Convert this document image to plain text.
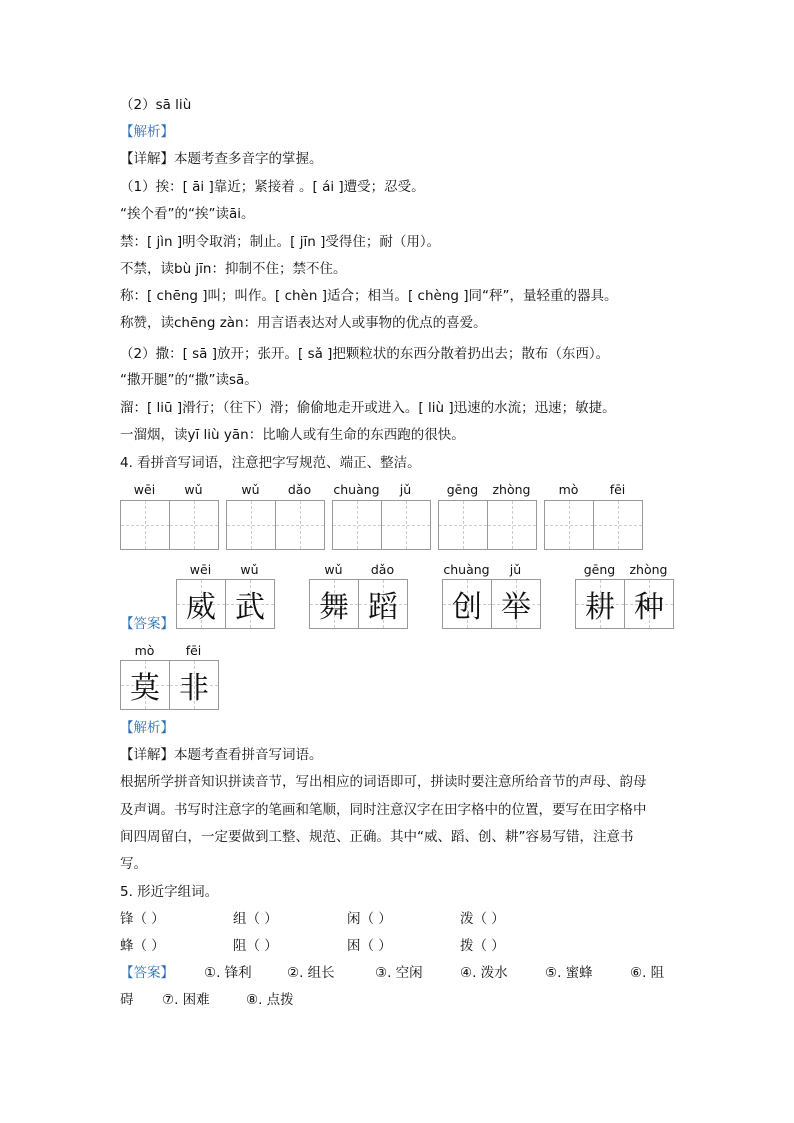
（2）sā liù
【解析】
【详解】本题考查多音字的掌握。
（1）挨：[ āi ]靠近；紧接着 。[ ái ]遭受；忍受。
“挨个看”的“挨”读āi。
禁：[ jìn ]明令取消；制止。[ jīn ]受得住；耐（用）。
不禁，读bù jīn：抑制不住；禁不住。
称：[ chēng ]叫；叫作。[ chèn ]适合；相当。[ chèng ]同“秤”，量轻重的器具。
称赞，读chēng zàn：用言语表达对人或事物的优点的喜爱。
（2）撒：[ sā ]放开；张开。[ sǎ ]把颗粒状的东西分散着扔出去；散布（东西）。
“撒开腿”的“撒”读sā。
溜：[ liū ]滑行；（往下）滑；偷偷地走开或进入。[ liù ]迅速的水流；迅速；敏捷。
一溜烟，读yī liù yān：比喻人或有生命的东西跑的很快。
4. 看拼音写词语，注意把字写规范、端正、整洁。
wēi	wǔ	wǔ	dǎo	chuàng	jǔ	gēng	zhòng	mò	fēi
【答案】
wēi	wǔ
威 武
wǔ	dǎo
舞 蹈
chuàng	jǔ
创 举
gēng	zhòng
耕 种
mò	fēi
莫 非
【解析】
【详解】本题考查看拼音写词语。
根据所学拼音知识拼读音节，写出相应的词语即可，拼读时要注意所给音节的声母、韵母
及声调。书写时注意字的笔画和笔顺，同时注意汉字在田字格中的位置，要写在田字格中
间四周留白，一定要做到工整、规范、正确。其中“威、蹈、创、耕”容易写错，注意书
写。
5. 形近字组词。
锋（ ）	组（ ）	闲（ ）	泼（ ）
蜂（ ）	阻（ ）	困（ ）	拨（ ）
【答案】 ①. 锋利	②. 组长	③. 空闲	④. 泼水	⑤. 蜜蜂	⑥. 阻
碍 ⑦. 困难	⑧. 点拨
